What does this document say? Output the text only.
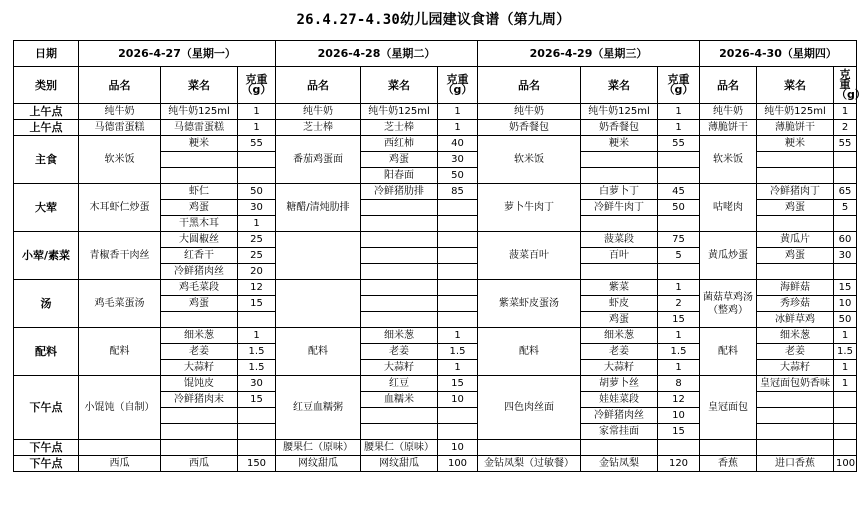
26.4.27-4.30幼儿园建议食谱（第九周）
日期	2026-4-27（星期一）			2026-4-28（星期二）			2026-4-29（星期三）			2026-4-30（星期四）		
类别	品名	菜名	克重（g）	品名	菜名	克重（g）	品名	菜名	克重（g）	品名	菜名	克重（g）
上午点	纯牛奶	纯牛奶125ml	1	纯牛奶	纯牛奶125ml	1	纯牛奶	纯牛奶125ml	1	纯牛奶	纯牛奶125ml	1
上午点	马德雷蛋糕	马德雷蛋糕	1	芝士棒	芝士棒	1	奶香餐包	奶香餐包	1	薄脆饼干	薄脆饼干	2
主食	软米饭	粳米	55	番茄鸡蛋面	西红柿	40	软米饭	粳米	55	软米饭	粳米	55
					鸡蛋	30						
					阳春面	50						
大荤	木耳虾仁炒蛋	虾仁	50	糖醋/清炖肋排	冷鲜猪肋排	85	萝卜牛肉丁	白萝卜丁	45	咕咾肉	冷鲜猪肉丁	65
		鸡蛋	30					冷鲜牛肉丁	50		鸡蛋	5
		干黑木耳	1									
小荤/素菜	青椒香干肉丝	大圆椒丝	25				菠菜百叶	菠菜段	75	黄瓜炒蛋	黄瓜片	60
		红香干	25					百叶	5		鸡蛋	30
		冷鲜猪肉丝	20									
汤	鸡毛菜蛋汤	鸡毛菜段	12				紫菜虾皮蛋汤	紫菜	1	菌菇草鸡汤（整鸡）	海鲜菇	15
		鸡蛋	15					虾皮	2		秀珍菇	10
								鸡蛋	15		冰鲜草鸡	50
配料	配料	细米葱	1	配料	细米葱	1	配料	细米葱	1	配料	细米葱	1
		老姜	1.5		老姜	1.5		老姜	1.5		老姜	1.5
		大蒜籽	1.5		大蒜籽	1		大蒜籽	1		大蒜籽	1
下午点	小馄饨（自制）	馄饨皮	30	红豆血糯粥	红豆	15	四色肉丝面	胡萝卜丝	8	皇冠面包	皇冠面包奶香味	1
		冷鲜猪肉末	15		血糯米	10		娃娃菜段	12			
								冷鲜猪肉丝	10			
								家常挂面	15			
下午点				腰果仁（原味）	腰果仁（原味）	10						
下午点	西瓜	西瓜	150	网纹甜瓜	网纹甜瓜	100	金钻凤梨（过敏餐）	金钻凤梨	120	香蕉	进口香蕉	100
